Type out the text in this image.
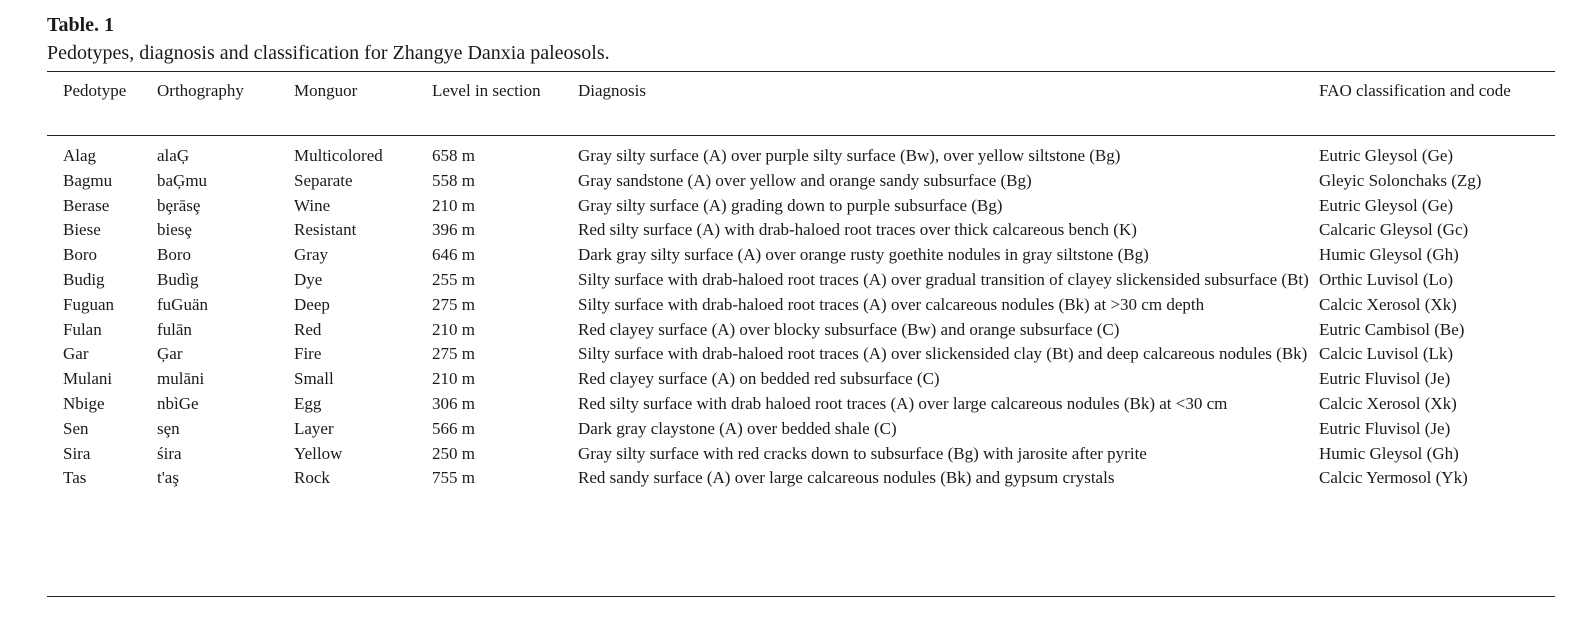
Table. 1
Pedotypes, diagnosis and classification for Zhangye Danxia paleosols.
Pedotype	Orthography	Monguor	Level in section	Diagnosis	FAO classification and code
Alag	alaĢ	Multicolored	658 m	Gray silty surface (A) over purple silty surface (Bw), over yellow siltstone (Bg)	Eutric Gleysol (Ge)
Bagmu	baĢmu	Separate	558 m	Gray sandstone (A) over yellow and orange sandy subsurface (Bg)	Gleyic Solonchaks (Zg)
Berase	bȩrāsȩ	Wine	210 m	Gray silty surface (A) grading down to purple subsurface (Bg)	Eutric Gleysol (Ge)
Biese	biesȩ	Resistant	396 m	Red silty surface (A) with drab-haloed root traces over thick calcareous bench (K)	Calcaric Gleysol (Gc)
Boro	Boro	Gray	646 m	Dark gray silty surface (A) over orange rusty goethite nodules in gray siltstone (Bg)	Humic Gleysol (Gh)
Budig	Budìg	Dye	255 m	Silty surface with drab-haloed root traces (A) over gradual transition of clayey slickensided subsurface (Bt)	Orthic Luvisol (Lo)
Fuguan	fuGuän	Deep	275 m	Silty surface with drab-haloed root traces (A) over calcareous nodules (Bk) at >30 cm depth	Calcic Xerosol (Xk)
Fulan	fulān	Red	210 m	Red clayey surface (A) over blocky subsurface (Bw) and orange subsurface (C)	Eutric Cambisol (Be)
Gar	Ģar	Fire	275 m	Silty surface with drab-haloed root traces (A) over slickensided clay (Bt) and deep calcareous nodules (Bk)	Calcic Luvisol (Lk)
Mulani	mulāni	Small	210 m	Red clayey surface (A) on bedded red subsurface (C)	Eutric Fluvisol (Je)
Nbige	nbìGe	Egg	306 m	Red silty surface with drab haloed root traces (A) over large calcareous nodules (Bk) at <30 cm	Calcic Xerosol (Xk)
Sen	sȩn	Layer	566 m	Dark gray claystone (A) over bedded shale (C)	Eutric Fluvisol (Je)
Sira	śira	Yellow	250 m	Gray silty surface with red cracks down to subsurface (Bg) with jarosite after pyrite	Humic Gleysol (Gh)
Tas	t'aş	Rock	755 m	Red sandy surface (A) over large calcareous nodules (Bk) and gypsum crystals	Calcic Yermosol (Yk)
